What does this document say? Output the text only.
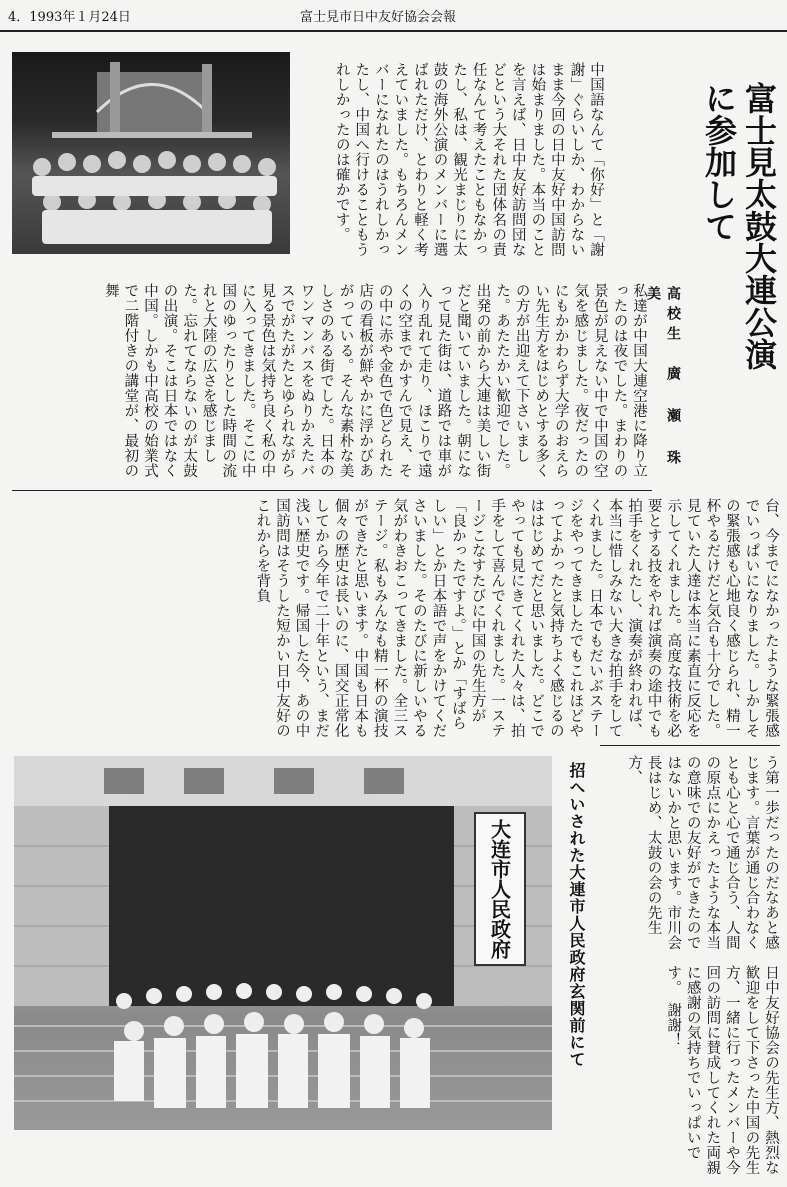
4．1993年１月24日	富士見市日中友好協会会報
中国語なんて「你好」と「謝謝」ぐらいしか、わからないまま今回の日中友好中国訪問は始まりました。本当のことを言えば、日中友好訪問団などという大それた団体名の責任なんて考えたこともなかったし、私は、観光まじりに太鼓の海外公演のメンバーに選ばれただけ、とわりと軽く考えていました。もちろんメンバーになれたのはうれしかったし、中国へ行けることもうれしかったのは確かです。	富士見太鼓大連公演に参加して
高校生　廣 瀬 珠 美
私達が中国大連空港に降り立ったのは夜でした。まわりの景色が見えない中で中国の空気を感じました。夜だったのにもかかわらず大学のおえらい先生方をはじめとする多くの方が出迎えて下さいました。あたたかい歓迎でした。出発の前から大連は美しい街だと聞いていました。朝になって見た街は、道路では車が入り乱れて走り、ほこりで遠くの空までかすんで見え、その中に赤や金色で色どられた店の看板が鮮やかに浮かびあがっている。そんな素朴な美しさのある街でした。日本のワンマンバスをぬりかえたバスでがたがたとゆられながら見る景色は気持ち良く私の中に入ってきました。そこに中国のゆったりとした時間の流れと大陸の広さを感じました。忘れてならないのが太鼓の出演。そこは日本ではなく中国。しかも中高校の始業式で二階付きの講堂が、最初の舞
台、今までになかったような緊張感でいっぱいになりました。しかしその緊張感も心地良く感じられ、精一杯やるだけだと気合も十分でした。見ていた人達は本当に素直に反応を示してくれました。高度な技術を必要とする技をやれば演奏の途中でも拍手をくれたし、演奏が終われば、本当に惜しみない大きな拍手をしてくれました。日本でもだいぶステージをやってきましたでもこれほどやってよかったと気持ちよく感じるのははじめてだと思いました。どこでやっても見にきてくれた人々は、拍手をして喜んでくれました。一ステージこなすたびに中国の先生方が「良かったですよ。」とか「すばらしい」とか日本語で声をかけてくださいました。そのたびに新しいやる気がわきおこってきました。全三ステージ。私もみんなも精一杯の演技ができたと思います。中国も日本も個々の歴史は長いのに、国交正常化してから今年で二十年という、まだ浅い歴史です。帰国した今、あの中国訪問はそうした短かい日中友好のこれからを背負
う第一歩だったのだなあと感じます。言葉が通じ合わなくとも心と心で通じ合う、人間の原点にかえったような本当の意味での友好ができたのではないかと思います。市川会長はじめ、太鼓の会の先生方、
日中友好協会の先生方、熱烈な歓迎をして下さった中国の先生方、一緒に行ったメンバーや今回の訪問に賛成してくれた両親に感謝の気持ちでいっぱいです。　謝謝！
招へいされた大連市人民政府玄関前にて
大连市人民政府
